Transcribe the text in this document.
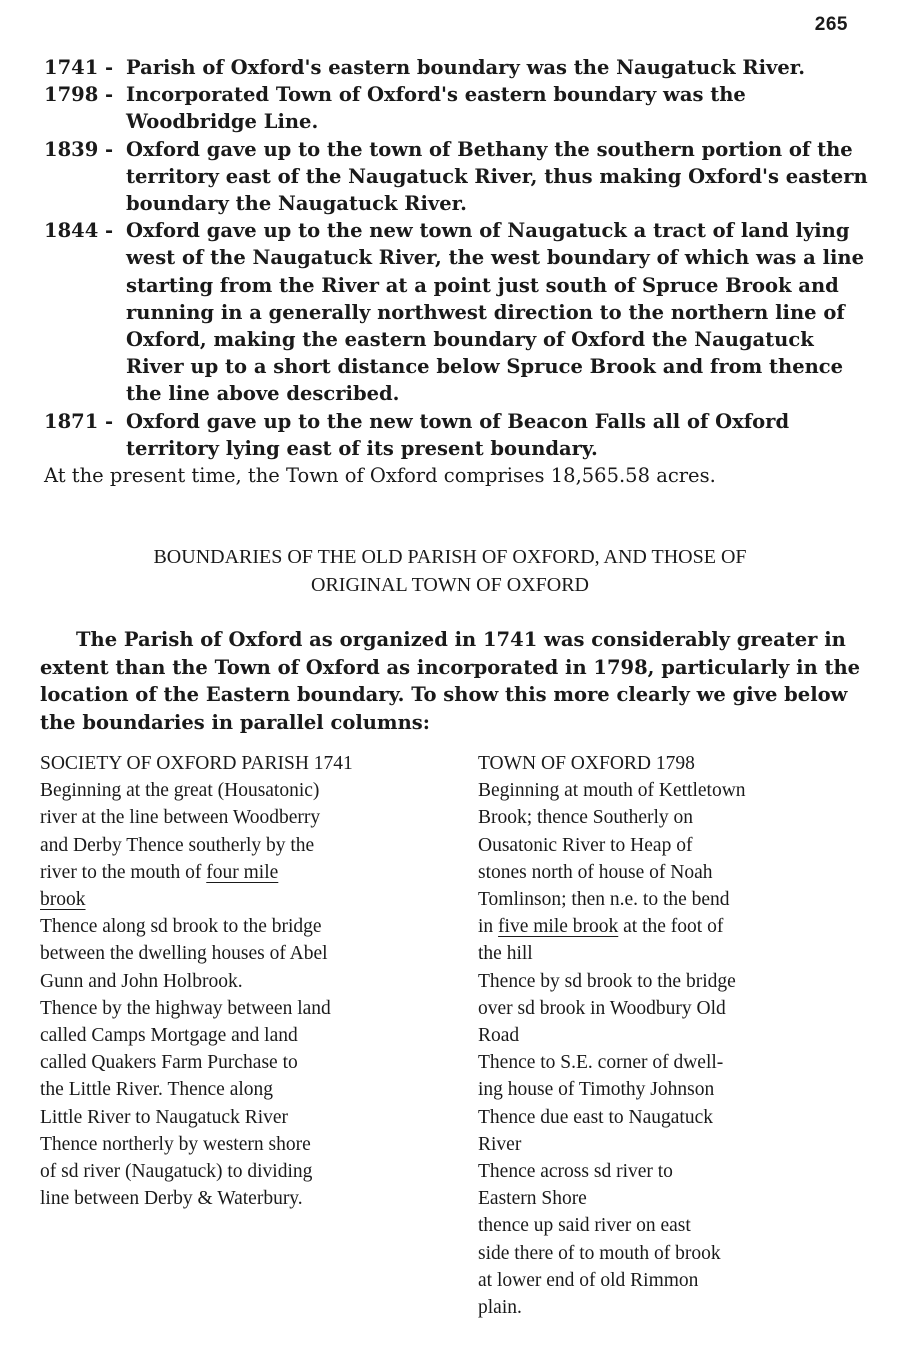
265
1741 - Parish of Oxford's eastern boundary was the Naugatuck River.
1798 - Incorporated Town of Oxford's eastern boundary was the Woodbridge Line.
1839 - Oxford gave up to the town of Bethany the southern portion of the territory east of the Naugatuck River, thus making Oxford's eastern boundary the Naugatuck River.
1844 - Oxford gave up to the new town of Naugatuck a tract of land lying west of the Naugatuck River, the west boundary of which was a line starting from the River at a point just south of Spruce Brook and running in a generally northwest direction to the northern line of Oxford, making the eastern boundary of Oxford the Naugatuck River up to a short distance below Spruce Brook and from thence the line above described.
1871 - Oxford gave up to the new town of Beacon Falls all of Oxford territory lying east of its present boundary.
At the present time, the Town of Oxford comprises 18,565.58 acres.
BOUNDARIES OF THE OLD PARISH OF OXFORD, AND THOSE OF
ORIGINAL TOWN OF OXFORD
The Parish of Oxford as organized in 1741 was considerably greater in extent than the Town of Oxford as incorporated in 1798, particularly in the location of the Eastern boundary. To show this more clearly we give below the boundaries in parallel columns:
SOCIETY OF OXFORD PARISH 1741
Beginning at the great (Housatonic)
river at the line between Woodberry
and Derby Thence southerly by the
river to the mouth of four mile
brook
Thence along sd brook to the bridge
between the dwelling houses of Abel
Gunn and John Holbrook.
Thence by the highway between land
called Camps Mortgage and land
called Quakers Farm Purchase to
the Little River. Thence along
Little River to Naugatuck River
Thence northerly by western shore
of sd river (Naugatuck) to dividing
line between Derby & Waterbury.
TOWN OF OXFORD 1798
Beginning at mouth of Kettletown
Brook; thence Southerly on
Ousatonic River to Heap of
stones north of house of Noah
Tomlinson; then n.e. to the bend
in five mile brook at the foot of
the hill
Thence by sd brook to the bridge
over sd brook in Woodbury Old
Road
Thence to S.E. corner of dwell-
ing house of Timothy Johnson
Thence due east to Naugatuck
River
Thence across sd river to
Eastern Shore
thence up said river on east
side there of to mouth of brook
at lower end of old Rimmon
plain.
